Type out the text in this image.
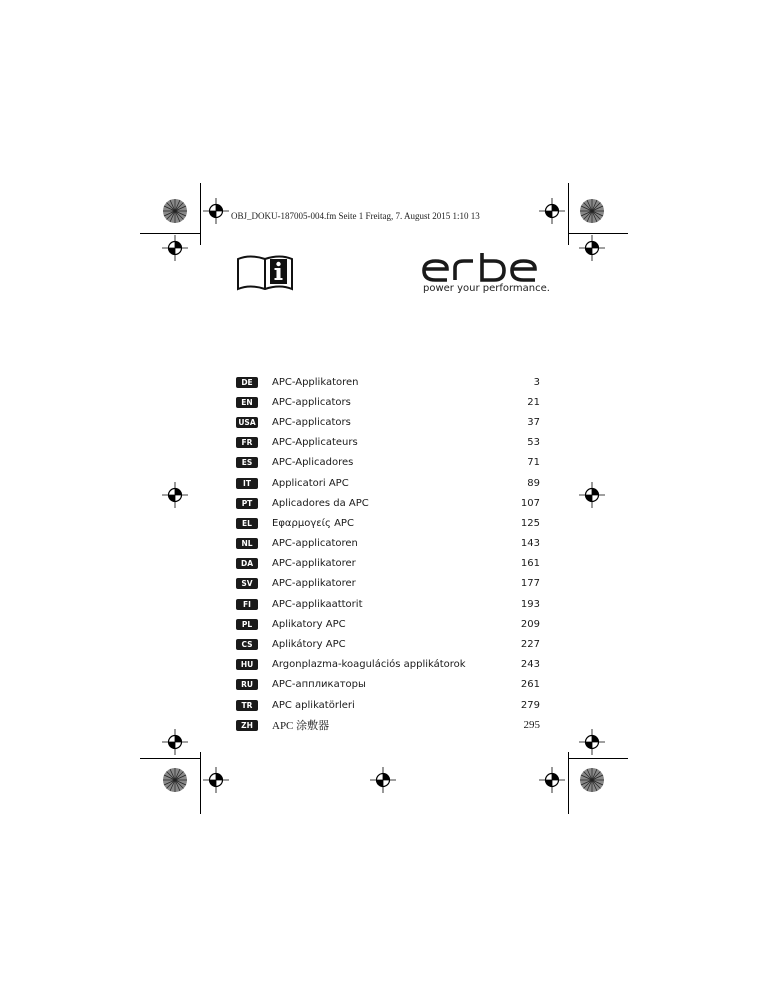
OBJ_DOKU-187005-004.fm Seite 1 Freitag, 7. August 2015 1:10 13
power your performance.
DE	APC-Applikatoren	3
EN	APC-applicators	21
USA APC-applicators	37
FR	APC-Applicateurs	53
ES	APC-Aplicadores	71
IT	Applicatori APC	89
PT	Aplicadores da APC	107
EL	Εφαρμογείς APC	125
NL	APC-applicatoren	143
DA	APC-applikatorer	161
SV	APC-applikatorer	177
FI	APC-applikaattorit	193
PL	Aplikatory APC	209
CS	Aplikátory APC	227
HU	Argonplazma-koagulációs applikátorok	243
RU	APC-аппликаторы	261
TR	APC aplikatörleri	279
ZH	APC 涂敷器	295
